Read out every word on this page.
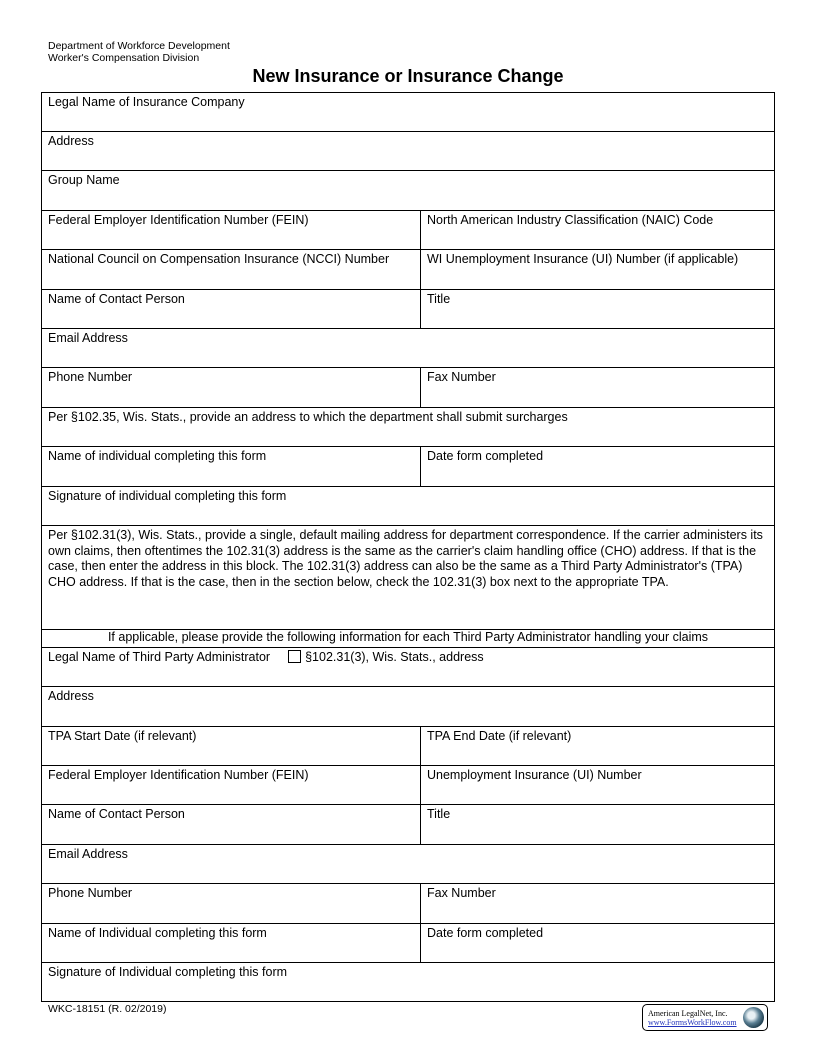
Department of Workforce Development
Worker's Compensation Division
New Insurance or Insurance Change
Legal Name of Insurance Company
Address
Group Name
Federal Employer Identification Number (FEIN)	North American Industry Classification (NAIC) Code
National Council on Compensation Insurance (NCCI) Number	WI Unemployment Insurance (UI) Number (if applicable)
Name of Contact Person	Title
Email Address
Phone Number	Fax Number
Per §102.35, Wis. Stats., provide an address to which the department shall submit surcharges
Name of individual completing this form	Date form completed
Signature of individual completing this form
Per §102.31(3), Wis. Stats., provide a single, default mailing address for department correspondence. If the carrier administers its own claims, then oftentimes the 102.31(3) address is the same as the carrier's claim handling office (CHO) address. If that is the case, then enter the address in this block. The 102.31(3) address can also be the same as a Third Party Administrator's (TPA) CHO address. If that is the case, then in the section below, check the 102.31(3) box next to the appropriate TPA.
If applicable, please provide the following information for each Third Party Administrator handling your claims
Legal Name of Third Party Administrator	§102.31(3), Wis. Stats., address
Address
TPA Start Date (if relevant)	TPA End Date (if relevant)
Federal Employer Identification Number (FEIN)	Unemployment Insurance (UI) Number
Name of Contact Person	Title
Email Address
Phone Number	Fax Number
Name of Individual completing this form	Date form completed
Signature of Individual completing this form
WKC-18151 (R. 02/2019)	American LegalNet, Inc.
www.FormsWorkFlow.com
